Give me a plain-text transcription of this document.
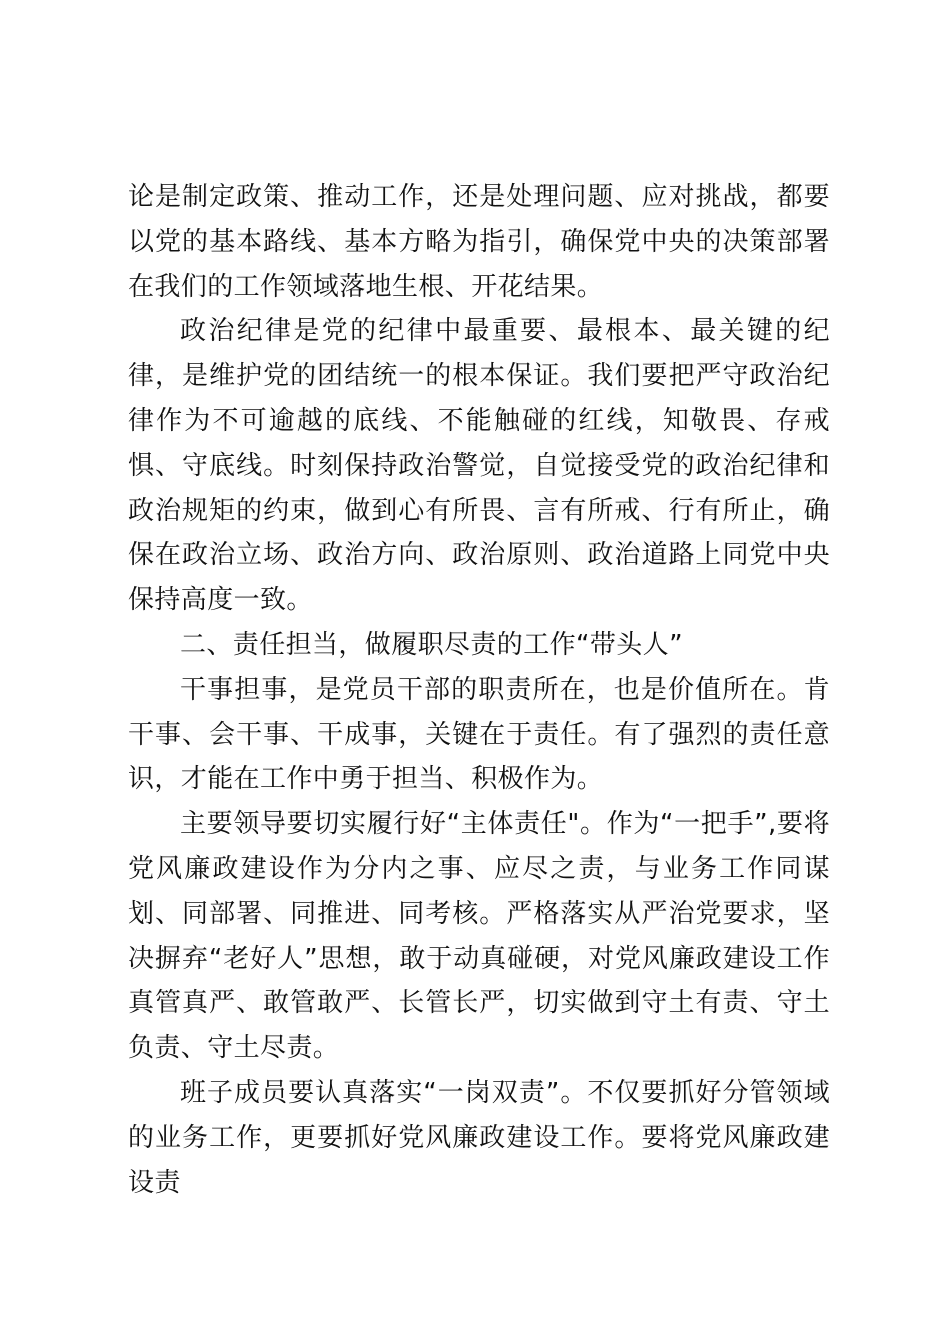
论是制定政策、推动工作，还是处理问题、应对挑战，都要以党的基本路线、基本方略为指引，确保党中央的决策部署在我们的工作领域落地生根、开花结果。

政治纪律是党的纪律中最重要、最根本、最关键的纪律，是维护党的团结统一的根本保证。我们要把严守政治纪律作为不可逾越的底线、不能触碰的红线，知敬畏、存戒惧、守底线。时刻保持政治警觉，自觉接受党的政治纪律和政治规矩的约束，做到心有所畏、言有所戒、行有所止，确保在政治立场、政治方向、政治原则、政治道路上同党中央保持高度一致。

二、责任担当，做履职尽责的工作“带头人”

干事担事，是党员干部的职责所在，也是价值所在。肯干事、会干事、干成事，关键在于责任。有了强烈的责任意识，才能在工作中勇于担当、积极作为。

主要领导要切实履行好“主体责任"。作为“一把手”,要将党风廉政建设作为分内之事、应尽之责，与业务工作同谋划、同部署、同推进、同考核。严格落实从严治党要求，坚决摒弃“老好人”思想，敢于动真碰硬，对党风廉政建设工作真管真严、敢管敢严、长管长严，切实做到守土有责、守土负责、守土尽责。

班子成员要认真落实“一岗双责”。不仅要抓好分管领域的业务工作，更要抓好党风廉政建设工作。要将党风廉政建设责
